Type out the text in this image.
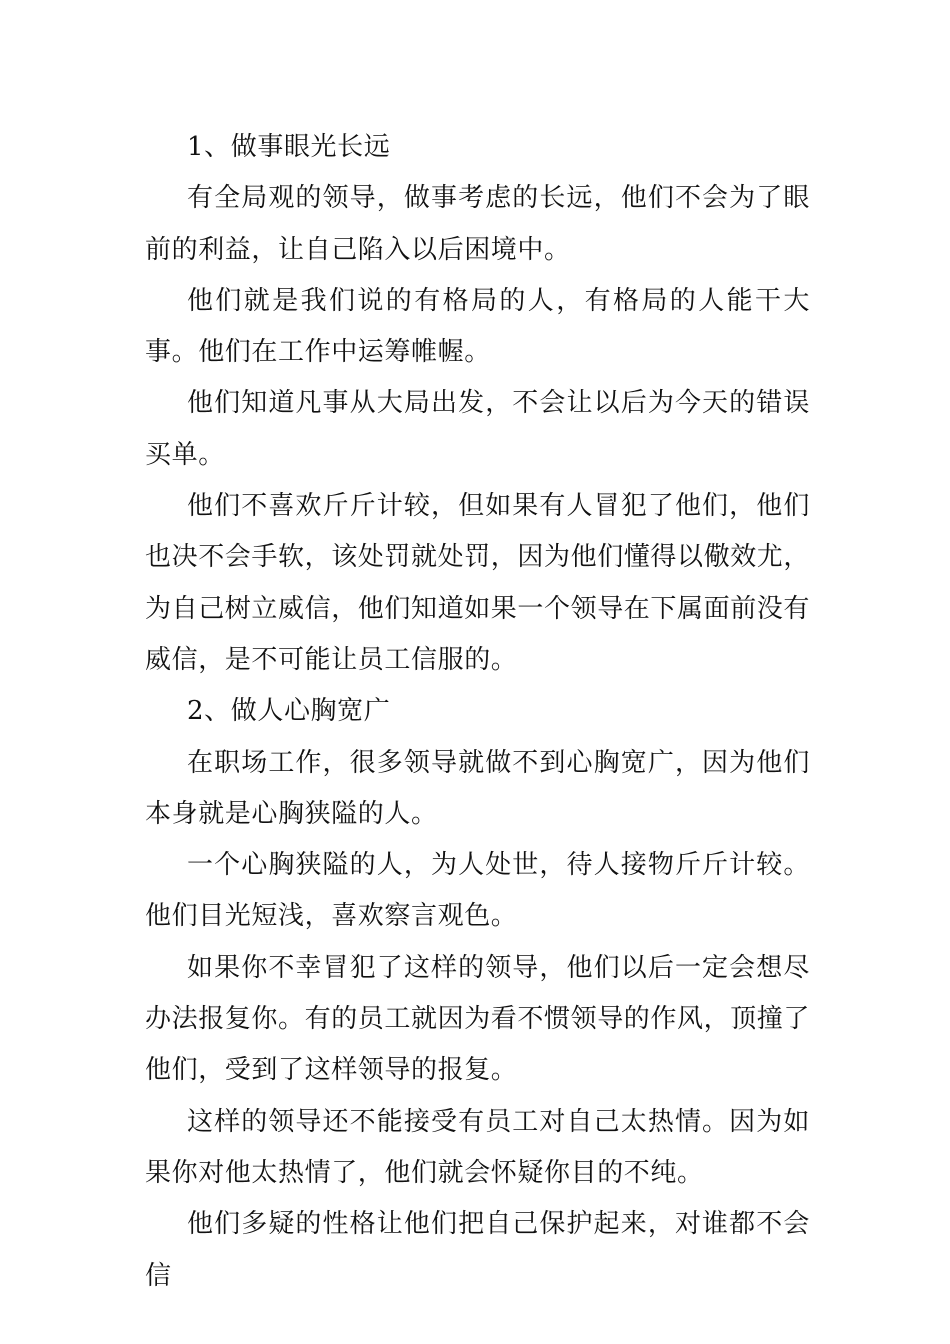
1、做事眼光长远

有全局观的领导，做事考虑的长远，他们不会为了眼前的利益，让自己陷入以后困境中。

他们就是我们说的有格局的人，有格局的人能干大事。他们在工作中运筹帷幄。

他们知道凡事从大局出发，不会让以后为今天的错误买单。

他们不喜欢斤斤计较，但如果有人冒犯了他们，他们也决不会手软，该处罚就处罚，因为他们懂得以儆效尤，为自己树立威信，他们知道如果一个领导在下属面前没有威信，是不可能让员工信服的。

2、做人心胸宽广

在职场工作，很多领导就做不到心胸宽广，因为他们本身就是心胸狭隘的人。

一个心胸狭隘的人，为人处世，待人接物斤斤计较。他们目光短浅，喜欢察言观色。

如果你不幸冒犯了这样的领导，他们以后一定会想尽办法报复你。有的员工就因为看不惯领导的作风，顶撞了他们，受到了这样领导的报复。

这样的领导还不能接受有员工对自己太热情。因为如果你对他太热情了，他们就会怀疑你目的不纯。

他们多疑的性格让他们把自己保护起来，对谁都不会信
